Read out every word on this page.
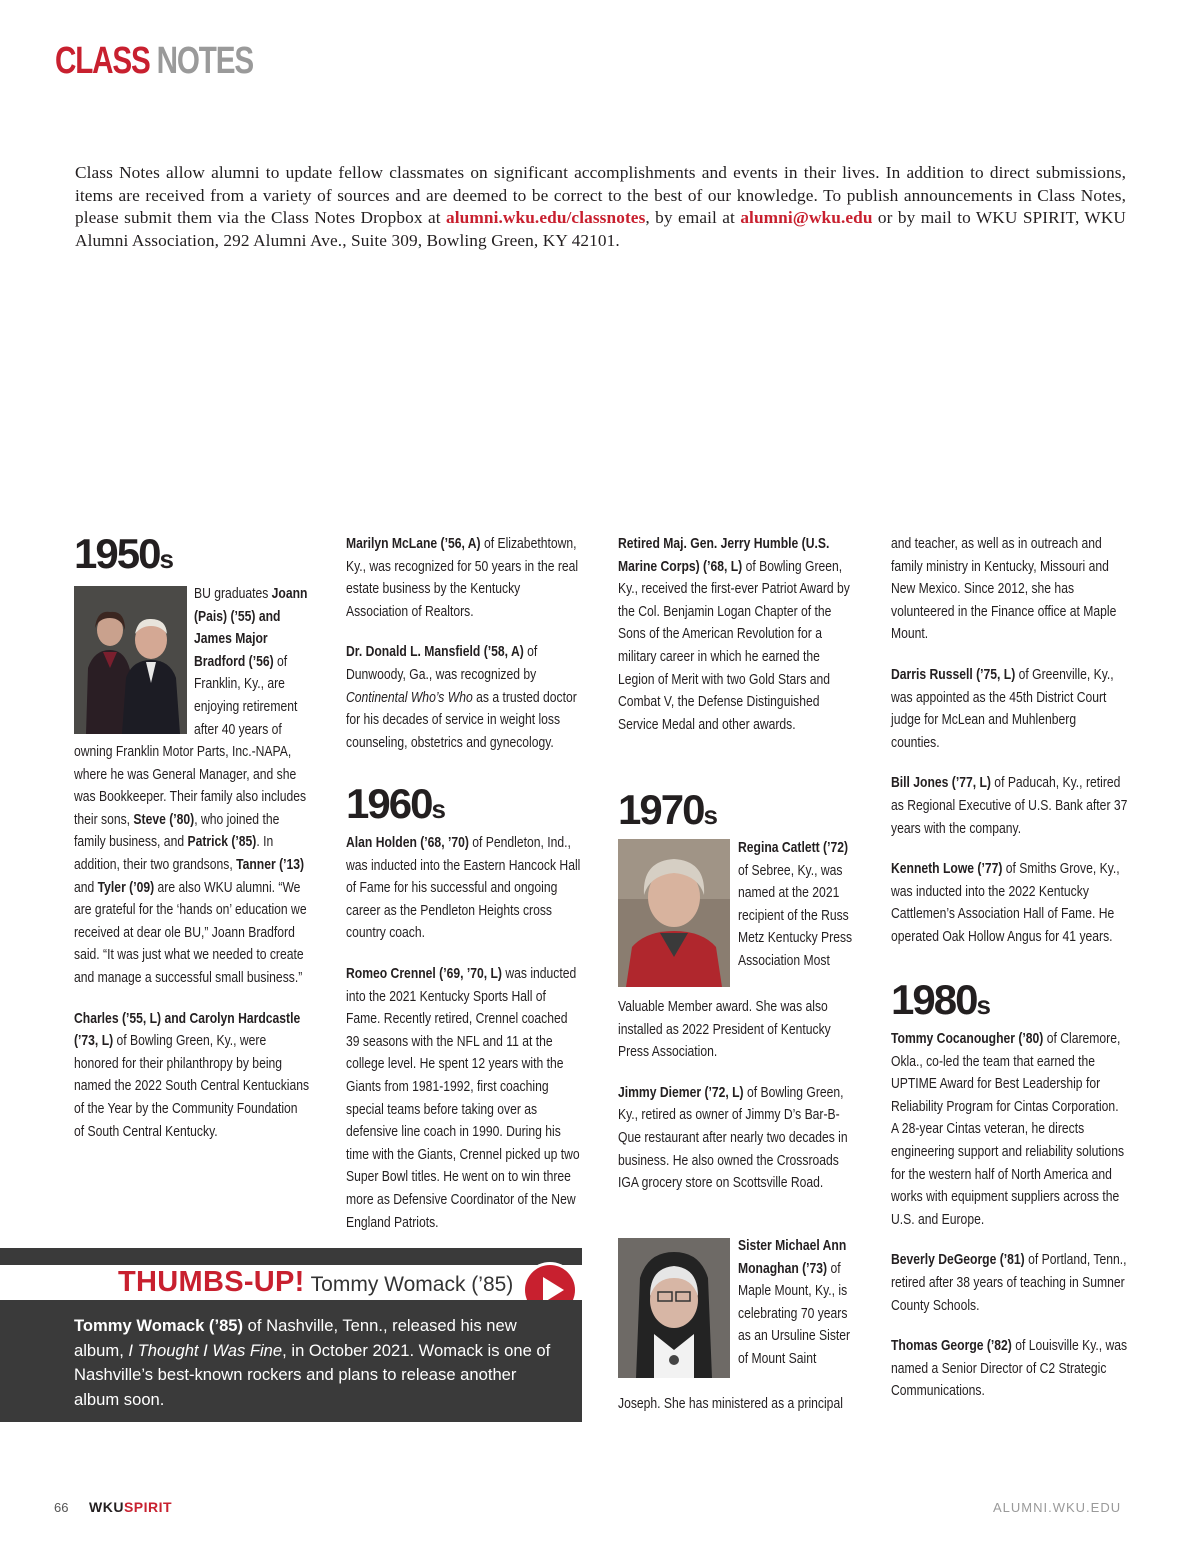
CLASS NOTES
Class Notes allow alumni to update fellow classmates on significant accomplishments and events in their lives. In addition to direct submissions, items are received from a variety of sources and are deemed to be correct to the best of our knowledge. To publish announcements in Class Notes, please submit them via the Class Notes Dropbox at alumni.wku.edu/classnotes, by email at alumni@wku.edu or by mail to WKU SPIRIT, WKU Alumni Association, 292 Alumni Ave., Suite 309, Bowling Green, KY 42101.
1950s
BU graduates Joann (Pais) (’55) and James Major Bradford (’56) of Franklin, Ky., are enjoying retirement after 40 years of
owning Franklin Motor Parts, Inc.-NAPA, where he was General Manager, and she was Bookkeeper. Their family also includes their sons, Steve (’80), who joined the family business, and Patrick (’85). In addition, their two grandsons, Tanner (’13) and Tyler (’09) are also WKU alumni. “We are grateful for the ‘hands on’ education we received at dear ole BU,” Joann Bradford said. “It was just what we needed to create and manage a successful small business.”
Charles (’55, L) and Carolyn Hardcastle (’73, L) of Bowling Green, Ky., were honored for their philanthropy by being named the 2022 South Central Kentuckians of the Year by the Community Foundation of South Central Kentucky.

Marilyn McLane (’56, A) of Elizabethtown, Ky., was recognized for 50 years in the real estate business by the Kentucky Association of Realtors.

Dr. Donald L. Mansfield (’58, A) of Dunwoody, Ga., was recognized by Continental Who’s Who as a trusted doctor for his decades of service in weight loss counseling, obstetrics and gynecology.

1960s

Alan Holden (’68, ’70) of Pendleton, Ind., was inducted into the Eastern Hancock Hall of Fame for his successful and ongoing career as the Pendleton Heights cross country coach.

Romeo Crennel (’69, ’70, L) was inducted into the 2021 Kentucky Sports Hall of Fame. Recently retired, Crennel coached 39 seasons with the NFL and 11 at the college level. He spent 12 years with the Giants from 1981-1992, first coaching special teams before taking over as defensive line coach in 1990. During his time with the Giants, Crennel picked up two Super Bowl titles. He went on to win three more as Defensive Coordinator of the New England Patriots.

Retired Maj. Gen. Jerry Humble (U.S. Marine Corps) (’68, L) of Bowling Green, Ky., received the first-ever Patriot Award by the Col. Benjamin Logan Chapter of the Sons of the American Revolution for a military career in which he earned the Legion of Merit with two Gold Stars and Combat V, the Defense Distinguished Service Medal and other awards.

1970s
Regina Catlett (’72) of Sebree, Ky., was named at the 2021 recipient of the Russ Metz Kentucky Press Association Most
Valuable Member award. She was also installed as 2022 President of Kentucky Press Association.

Jimmy Diemer (’72, L) of Bowling Green, Ky., retired as owner of Jimmy D’s Bar-B-Que restaurant after nearly two decades in business. He also owned the Crossroads IGA grocery store on Scottsville Road.

Sister Michael Ann Monaghan (’73) of Maple Mount, Ky., is celebrating 70 years as an Ursuline Sister of Mount Saint
Joseph. She has ministered as a principal

and teacher, as well as in outreach and family ministry in Kentucky, Missouri and New Mexico. Since 2012, she has volunteered in the Finance office at Maple Mount.

Darris Russell (’75, L) of Greenville, Ky., was appointed as the 45th District Court judge for McLean and Muhlenberg counties.

Bill Jones (’77, L) of Paducah, Ky., retired as Regional Executive of U.S. Bank after 37 years with the company.

Kenneth Lowe (’77) of Smiths Grove, Ky., was inducted into the 2022 Kentucky Cattlemen’s Association Hall of Fame. He operated Oak Hollow Angus for 41 years.

1980s

Tommy Cocanougher (’80) of Claremore, Okla., co-led the team that earned the UPTIME Award for Best Leadership for Reliability Program for Cintas Corporation. A 28-year Cintas veteran, he directs engineering support and reliability solutions for the western half of North America and works with equipment suppliers across the U.S. and Europe.

Beverly DeGeorge (’81) of Portland, Tenn., retired after 38 years of teaching in Sumner County Schools.

Thomas George (’82) of Louisville Ky., was named a Senior Director of C2 Strategic Communications.

THUMBS-UP! Tommy Womack (’85)
Tommy Womack (’85) of Nashville, Tenn., released his new album, I Thought I Was Fine, in October 2021. Womack is one of Nashville’s best-known rockers and plans to release another album soon.
66 WKUSPIRIT	ALUMNI.WKU.EDU
